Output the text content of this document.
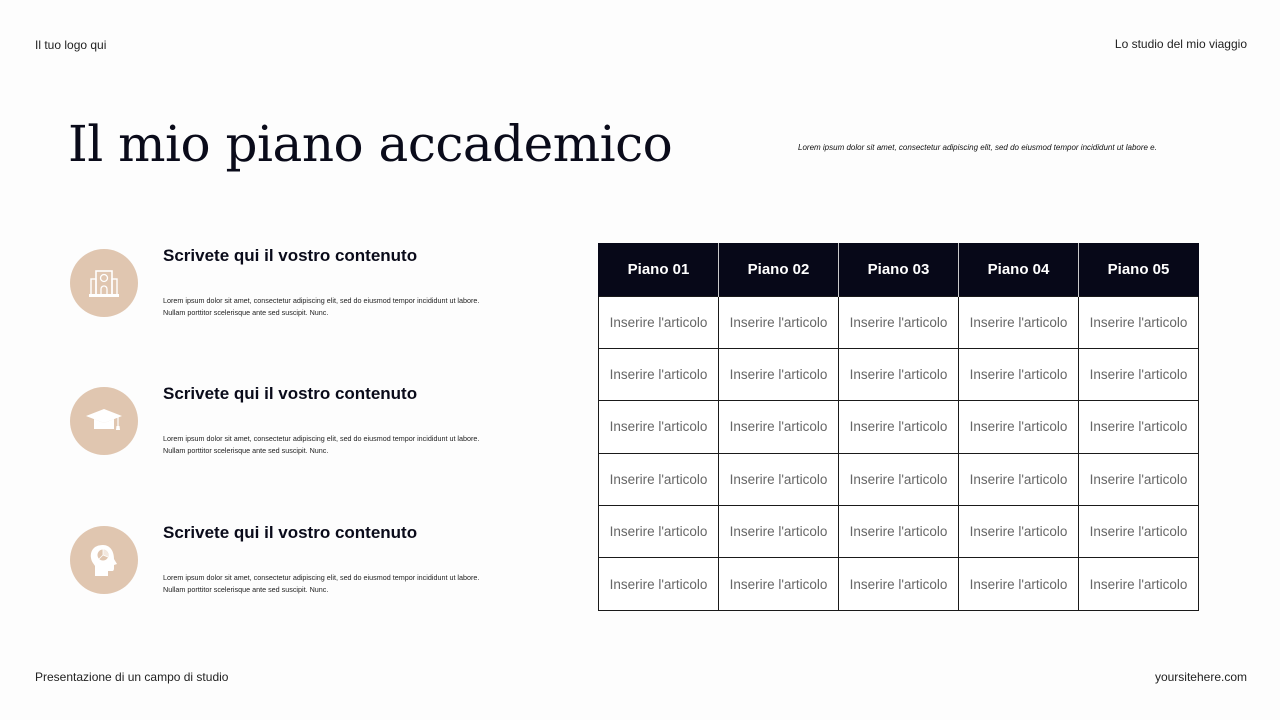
Il tuo logo qui	Lo studio del mio viaggio
Il mio piano accademico	Lorem ipsum dolor sit amet, consectetur adipiscing elit, sed do eiusmod tempor incididunt ut labore e.
Scrivete qui il vostro contenuto
Lorem ipsum dolor sit amet, consectetur adipiscing elit, sed do eiusmod tempor incididunt ut labore.
Nullam porttitor scelerisque ante sed suscipit. Nunc.
Scrivete qui il vostro contenuto
Lorem ipsum dolor sit amet, consectetur adipiscing elit, sed do eiusmod tempor incididunt ut labore.
Nullam porttitor scelerisque ante sed suscipit. Nunc.
Scrivete qui il vostro contenuto
Lorem ipsum dolor sit amet, consectetur adipiscing elit, sed do eiusmod tempor incididunt ut labore.
Nullam porttitor scelerisque ante sed suscipit. Nunc.
Piano 01	Piano 02	Piano 03	Piano 04	Piano 05
Inserire l'articolo	Inserire l'articolo	Inserire l'articolo	Inserire l'articolo	Inserire l'articolo
Inserire l'articolo	Inserire l'articolo	Inserire l'articolo	Inserire l'articolo	Inserire l'articolo
Inserire l'articolo	Inserire l'articolo	Inserire l'articolo	Inserire l'articolo	Inserire l'articolo
Inserire l'articolo	Inserire l'articolo	Inserire l'articolo	Inserire l'articolo	Inserire l'articolo
Inserire l'articolo	Inserire l'articolo	Inserire l'articolo	Inserire l'articolo	Inserire l'articolo
Inserire l'articolo	Inserire l'articolo	Inserire l'articolo	Inserire l'articolo	Inserire l'articolo
Presentazione di un campo di studio	yoursitehere.com
